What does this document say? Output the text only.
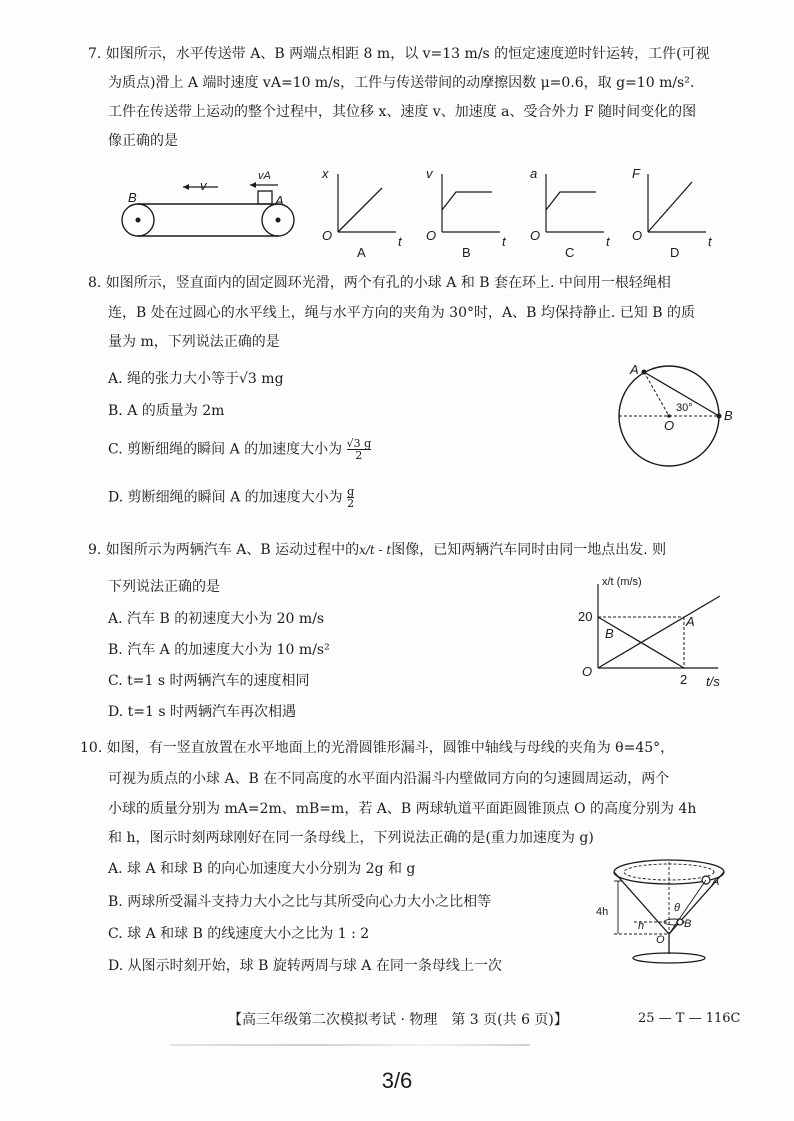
7. 如图所示，水平传送带 A、B 两端点相距 8 m，以 v=13 m/s 的恒定速度逆时针运转，工件(可视
为质点)滑上 A 端时速度 vA=10 m/s，工件与传送带间的动摩擦因数 μ=0.6，取 g=10 m/s².
工件在传送带上运动的整个过程中，其位移 x、速度 v、加速度 a、受合外力 F 随时间变化的图
像正确的是
B	A
v
vA	x
O	t
A
v
O	t
B
a
O	t
C
F
O	t
D
8. 如图所示，竖直面内的固定圆环光滑，两个有孔的小球 A 和 B 套在环上. 中间用一根轻绳相
连，B 处在过圆心的水平线上，绳与水平方向的夹角为 30°时，A、B 均保持静止. 已知 B 的质
量为 m，下列说法正确的是
A. 绳的张力大小等于√3 mg
B. A 的质量为 2m
C. 剪断细绳的瞬间 A 的加速度大小为 $\frac{√3 g}{2}$
D. 剪断细绳的瞬间 A 的加速度大小为 $\frac{g}{2}$
A
B
O
30°
9. 如图所示为两辆汽车 A、B 运动过程中的x/t - t图像，已知两辆汽车同时由同一地点出发. 则
下列说法正确的是
A. 汽车 B 的初速度大小为 20 m/s
B. 汽车 A 的加速度大小为 10 m/s²
C. t=1 s 时两辆汽车的速度相同
D. t=1 s 时两辆汽车再次相遇
x/t (m/s)
20
O
2 t/s
A
B
10. 如图，有一竖直放置在水平地面上的光滑圆锥形漏斗，圆锥中轴线与母线的夹角为 θ=45°，
可视为质点的小球 A、B 在不同高度的水平面内沿漏斗内壁做同方向的匀速圆周运动，两个
小球的质量分别为 mA=2m、mB=m，若 A、B 两球轨道平面距圆锥顶点 O 的高度分别为 4h
和 h，图示时刻两球刚好在同一条母线上，下列说法正确的是(重力加速度为 g)
A. 球 A 和球 B 的向心加速度大小分别为 2g 和 g
B. 两球所受漏斗支持力大小之比与其所受向心力大小之比相等
C. 球 A 和球 B 的线速度大小之比为 1 : 2
D. 从图示时刻开始，球 B 旋转两周与球 A 在同一条母线上一次
A
B
O
4h
h
θ
【高三年级第二次模拟考试 · 物理　第 3 页(共 6 页)】	25 — T — 116C
3/6
